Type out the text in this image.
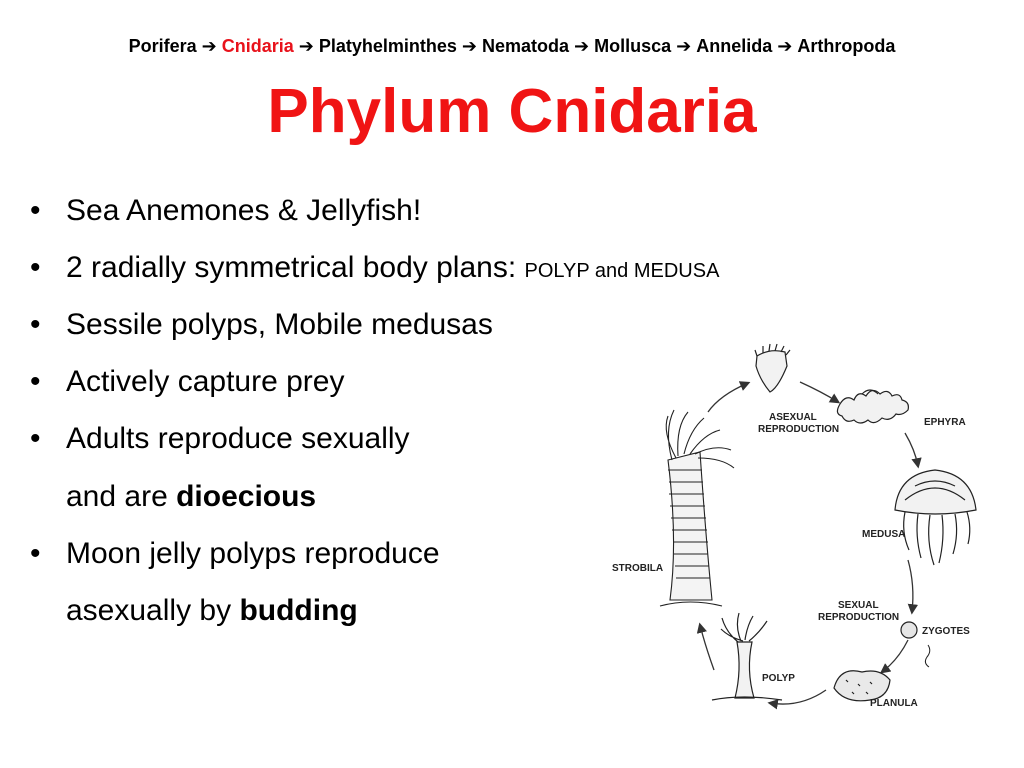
Porifera ➔ Cnidaria ➔ Platyhelminthes ➔ Nematoda ➔ Mollusca ➔ Annelida ➔ Arthropoda
Phylum Cnidaria
• Sea Anemones & Jellyfish!
• 2 radially symmetrical body plans: POLYP and MEDUSA
• Sessile polyps, Mobile medusas
• Actively capture prey
• Adults reproduce sexually
and are dioecious
• Moon jelly polyps reproduce
asexually by budding
ASEXUAL
REPRODUCTION
EPHYRA
MEDUSA
SEXUAL
REPRODUCTION
ZYGOTES
PLANULA
POLYP
STROBILA
